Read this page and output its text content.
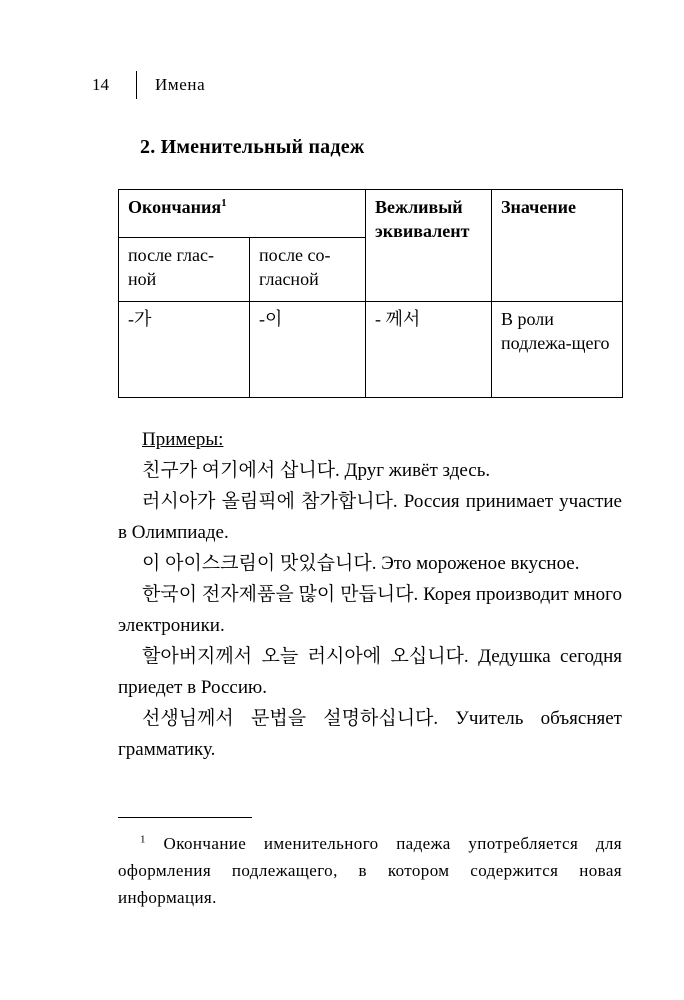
14	Имена
2. Именительный падеж
Окончания$^1$		Вежливый эквивалент	Значение
после глас-ной	после со-гласной		
-가	-이	- 께서	В роли подлежа-щего

Примеры:

친구가 여기에서 삽니다. Друг живёт здесь.

러시아가 올림픽에 참가합니다. Россия принимает участие в Олимпиаде.

이 아이스크림이 맛있습니다. Это мороженое вкусное.

한국이 전자제품을 많이 만듭니다. Корея производит много электроники.

할아버지께서 오늘 러시아에 오십니다. Дедушка сегодня приедет в Россию.

선생님께서 문법을 설명하십니다. Учитель объясняет грамматику.

$^1$ Окончание именительного падежа употребляется для оформления подлежащего, в котором содержится новая информация.
